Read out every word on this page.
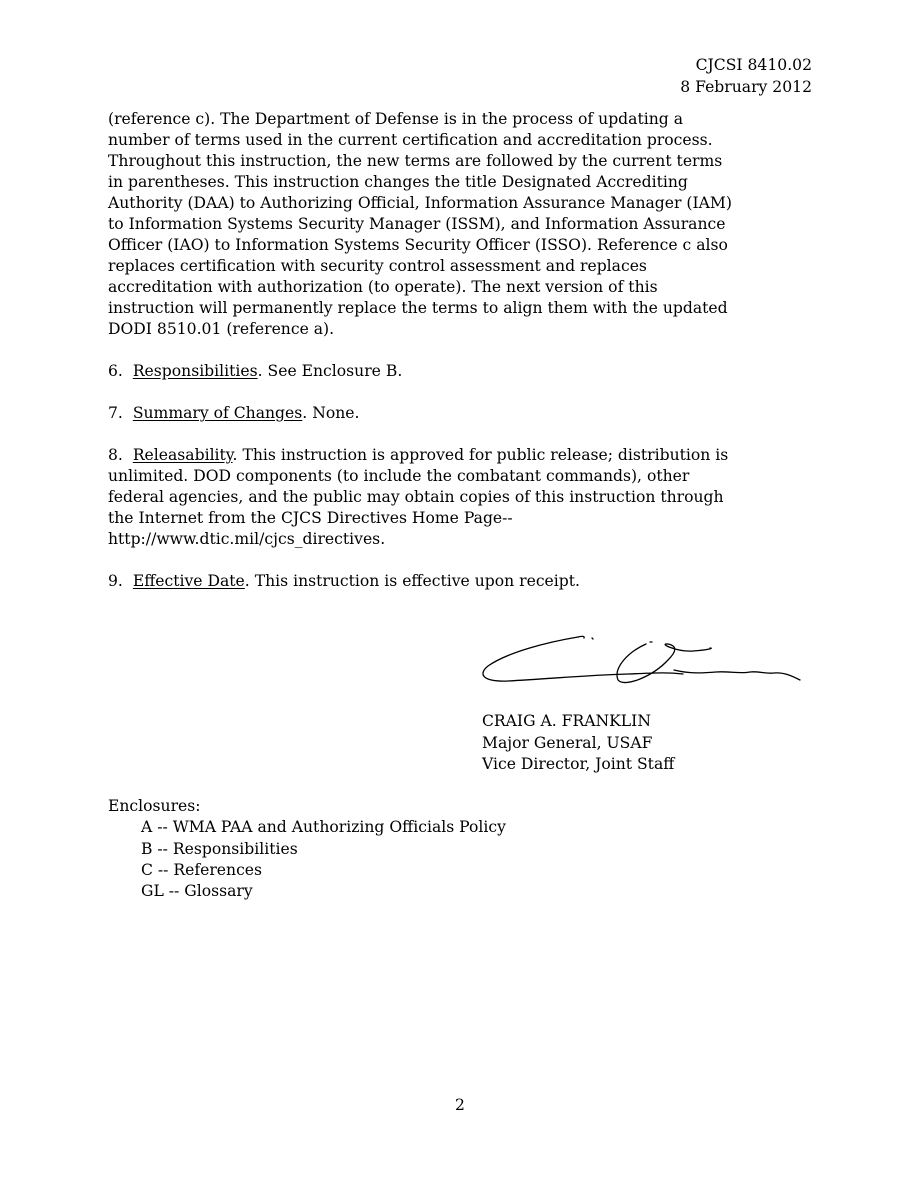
CJCSI 8410.02
8 February 2012
(reference c). The Department of Defense is in the process of updating a
number of terms used in the current certification and accreditation process.
Throughout this instruction, the new terms are followed by the current terms
in parentheses. This instruction changes the title Designated Accrediting
Authority (DAA) to Authorizing Official, Information Assurance Manager (IAM)
to Information Systems Security Manager (ISSM), and Information Assurance
Officer (IAO) to Information Systems Security Officer (ISSO). Reference c also
replaces certification with security control assessment and replaces
accreditation with authorization (to operate). The next version of this
instruction will permanently replace the terms to align them with the updated
DODI 8510.01 (reference a).
6. Responsibilities. See Enclosure B.
7. Summary of Changes. None.
8. Releasability. This instruction is approved for public release; distribution is
unlimited. DOD components (to include the combatant commands), other
federal agencies, and the public may obtain copies of this instruction through
the Internet from the CJCS Directives Home Page--
http://www.dtic.mil/cjcs_directives.
9. Effective Date. This instruction is effective upon receipt.
CRAIG A. FRANKLIN
Major General, USAF
Vice Director, Joint Staff
Enclosures:
A -- WMA PAA and Authorizing Officials Policy
B -- Responsibilities
C -- References
GL -- Glossary
2
